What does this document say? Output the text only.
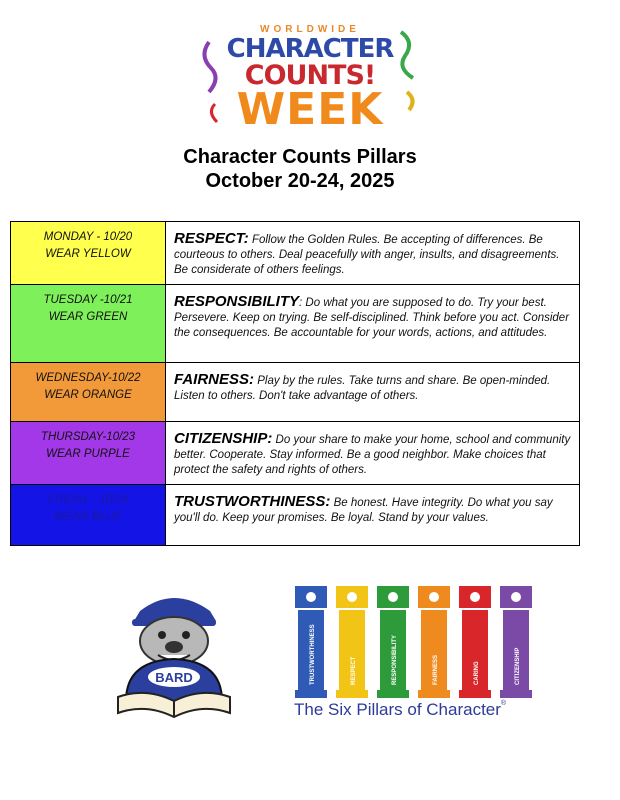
WORLDWIDE
CHARACTER
COUNTS!
WEEK
Character Counts Pillars
October 20-24, 2025
MONDAY - 10/20
WEAR YELLOW	RESPECT: Follow the Golden Rules. Be accepting of differences. Be courteous to others. Deal peacefully with anger, insults, and disagreements. Be considerate of others feelings.
TUESDAY -10/21
WEAR GREEN	RESPONSIBILITY: Do what you are supposed to do. Try your best. Persevere. Keep on trying. Be self-disciplined. Think before you act. Consider the consequences. Be accountable for your words, actions, and attitudes.
WEDNESDAY-10/22
WEAR ORANGE	FAIRNESS: Play by the rules. Take turns and share. Be open-minded. Listen to others. Don't take advantage of others.
THURSDAY-10/23
WEAR PURPLE	CITIZENSHIP: Do your share to make your home, school and community better. Cooperate. Stay informed. Be a good neighbor. Make choices that protect the safety and rights of others.
FRIDAY - 10/24
WEAR BLUE	TRUSTWORTHINESS: Be honest. Have integrity. Do what you say you'll do. Keep your promises. Be loyal. Stand by your values.
BARD	TRUSTWORTHINESS	RESPECT	RESPONSIBILITY	FAIRNESS	CARING	CITIZENSHIP
The Six Pillars of Character®
